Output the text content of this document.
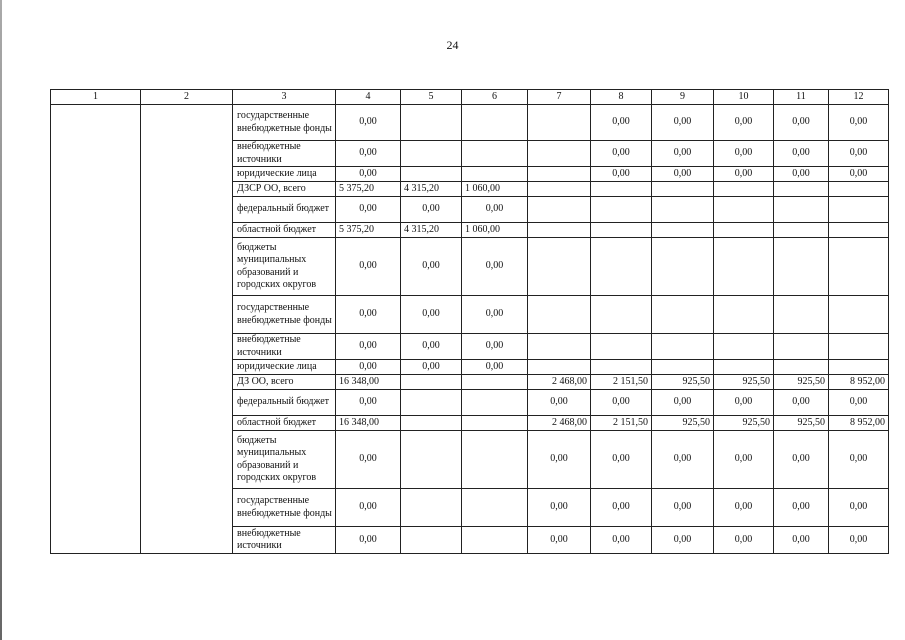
24
1	2	3	4	5	6	7	8	9	10	11	12
		государственные внебюджетные фонды	0,00				0,00	0,00	0,00	0,00	0,00
		внебюджетные источники	0,00				0,00	0,00	0,00	0,00	0,00
		юридические лица	0,00				0,00	0,00	0,00	0,00	0,00
		ДЗСР ОО, всего	5 375,20	4 315,20	1 060,00						
		федеральный бюджет	0,00	0,00	0,00						
		областной бюджет	5 375,20	4 315,20	1 060,00						
		бюджеты муниципальных образований и городских округов	0,00	0,00	0,00						
		государственные внебюджетные фонды	0,00	0,00	0,00						
		внебюджетные источники	0,00	0,00	0,00						
		юридические лица	0,00	0,00	0,00						
		ДЗ ОО, всего	16 348,00			2 468,00	2 151,50	925,50	925,50	925,50	8 952,00
		федеральный бюджет	0,00			0,00	0,00	0,00	0,00	0,00	0,00
		областной бюджет	16 348,00			2 468,00	2 151,50	925,50	925,50	925,50	8 952,00
		бюджеты муниципальных образований и городских округов	0,00			0,00	0,00	0,00	0,00	0,00	0,00
		государственные внебюджетные фонды	0,00			0,00	0,00	0,00	0,00	0,00	0,00
		внебюджетные источники	0,00			0,00	0,00	0,00	0,00	0,00	0,00
